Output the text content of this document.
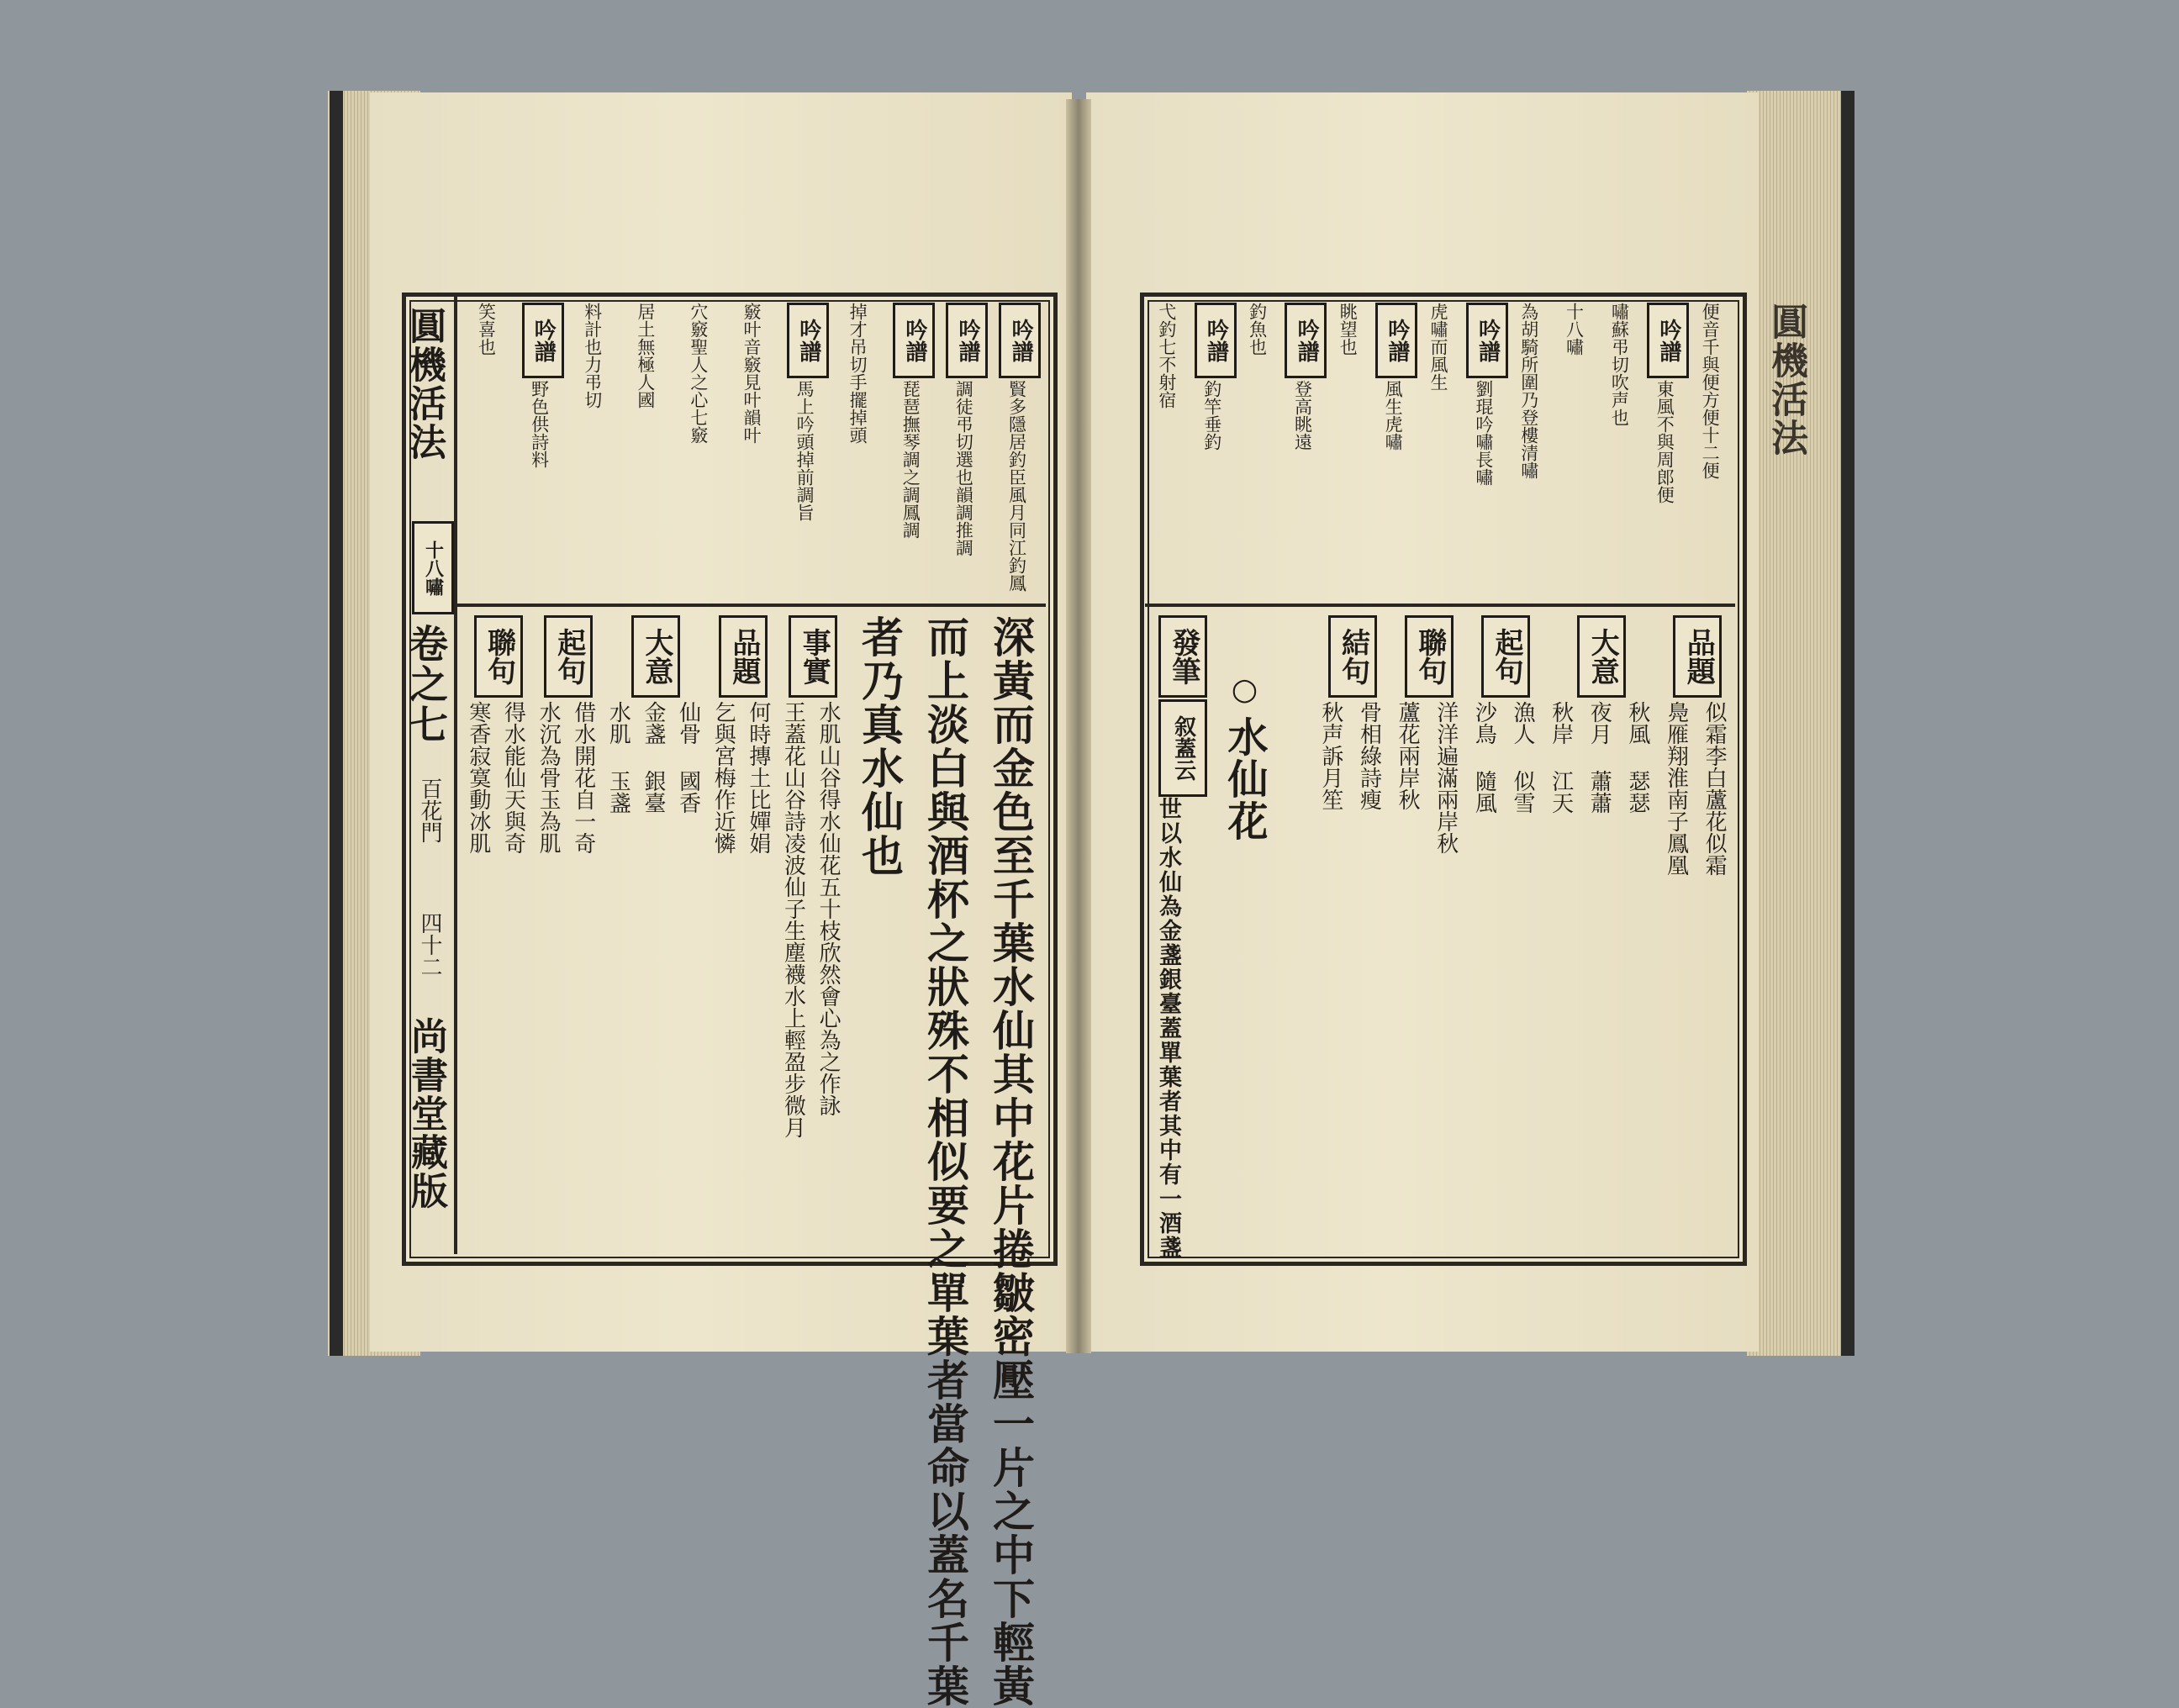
圓機活法
十八嘯
卷之七
百花門
四十二
尚書堂藏版
吟譜
賢多隱居釣臣風月同江釣鳳
吟譜
調徒弔切選也韻調推調
吟譜
琵琶撫琴調之調鳳調
掉才吊切手擺掉頭
吟譜
馬上吟頭掉前調旨
竅叶音竅見叶韻叶
穴竅聖人之心七竅
居土無極人國
料計也力弔切
吟譜
野色供詩料
笑喜也
深黃而金色至千葉水仙其中花片捲皺密壓一片之中下輕黃
而上淡白與酒杯之狀殊不相似要之單葉者當命以蓋名千葉
者乃真水仙也
事實
水肌山谷得水仙花五十枝欣然會心為之作詠
王蓋花山谷詩凌波仙子生塵襪水上輕盈步微月
品題
何時摶土比嬋娟
乞與宮梅作近憐
大意
仙骨 國香
金盞 銀臺
水肌 玉盞
起句
借水開花自一奇
水沉為骨玉為肌
聯句
得水能仙天與奇
寒香寂寞動冰肌
圓機活法
便音千與便方便十二便
吟譜
東風不與周郎便
嘯蘇弔切吹声也
十八嘯
為胡騎所圍乃登樓清嘯
吟譜
劉琨吟嘯長嘯
虎嘯而風生
吟譜
風生虎嘯
眺望也
吟譜
登高眺遠
釣魚也
吟譜
釣竿垂釣
弋釣七不射宿
品題
似霜李白蘆花似霜
鳧雁翔淮南子鳳凰
大意
秋風 瑟瑟
夜月 蕭蕭
秋岸 江天
起句
漁人 似雪
沙鳥 隨風
聯句
洋洋遍滿兩岸秋
蘆花兩岸秋
結句
骨相綠詩瘦
秋声訴月笙
○
水仙花
發筆
叙蓋云
世以水仙為金盞銀臺蓋單葉者其中有一酒盞
